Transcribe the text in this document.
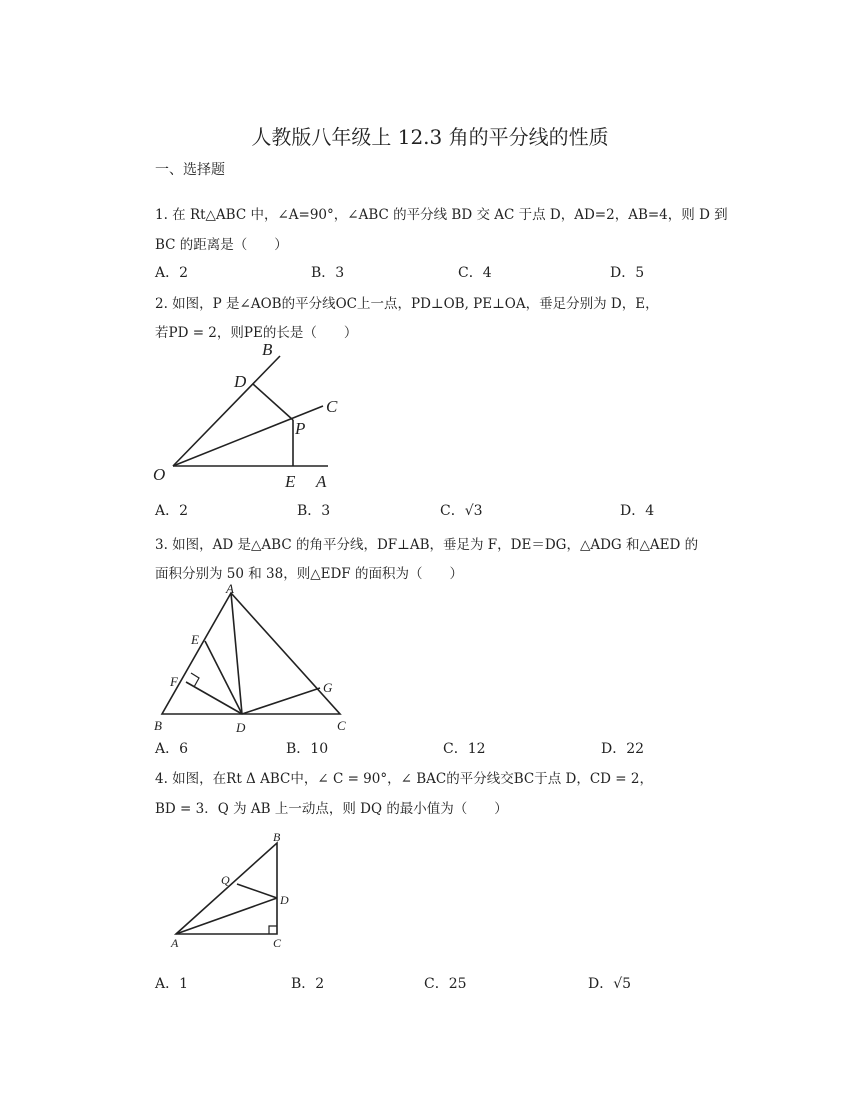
人教版八年级上 12.3 角的平分线的性质
一、选择题
1. 在 Rt△ABC 中，∠A=90°，∠ABC 的平分线 BD 交 AC 于点 D，AD=2，AB=4，则 D 到
BC 的距离是（　　）
A．2	B．3	C．4	D．5
2. 如图，P 是∠AOB的平分线OC上一点，PD⊥OB, PE⊥OA，垂足分别为 D，E，
若PD = 2，则PE的长是（　　）
B
D
C
P
O	E A
A．2	B．3	C．√3	D．4
3. 如图，AD 是△ABC 的角平分线，DF⊥AB，垂足为 F，DE＝DG，△ADG 和△AED 的
面积分别为 50 和 38，则△EDF 的面积为（　　）
A
E
F	G
B	D	C
A．6	B．10	C．12	D．22
4. 如图，在Rt Δ ABC中，∠ C = 90°，∠ BAC的平分线交BC于点 D，CD = 2，
BD = 3．Q 为 AB 上一动点，则 DQ 的最小值为（　　）
B
Q
D
A	C
A．1	B．2	C．25	D．√5
